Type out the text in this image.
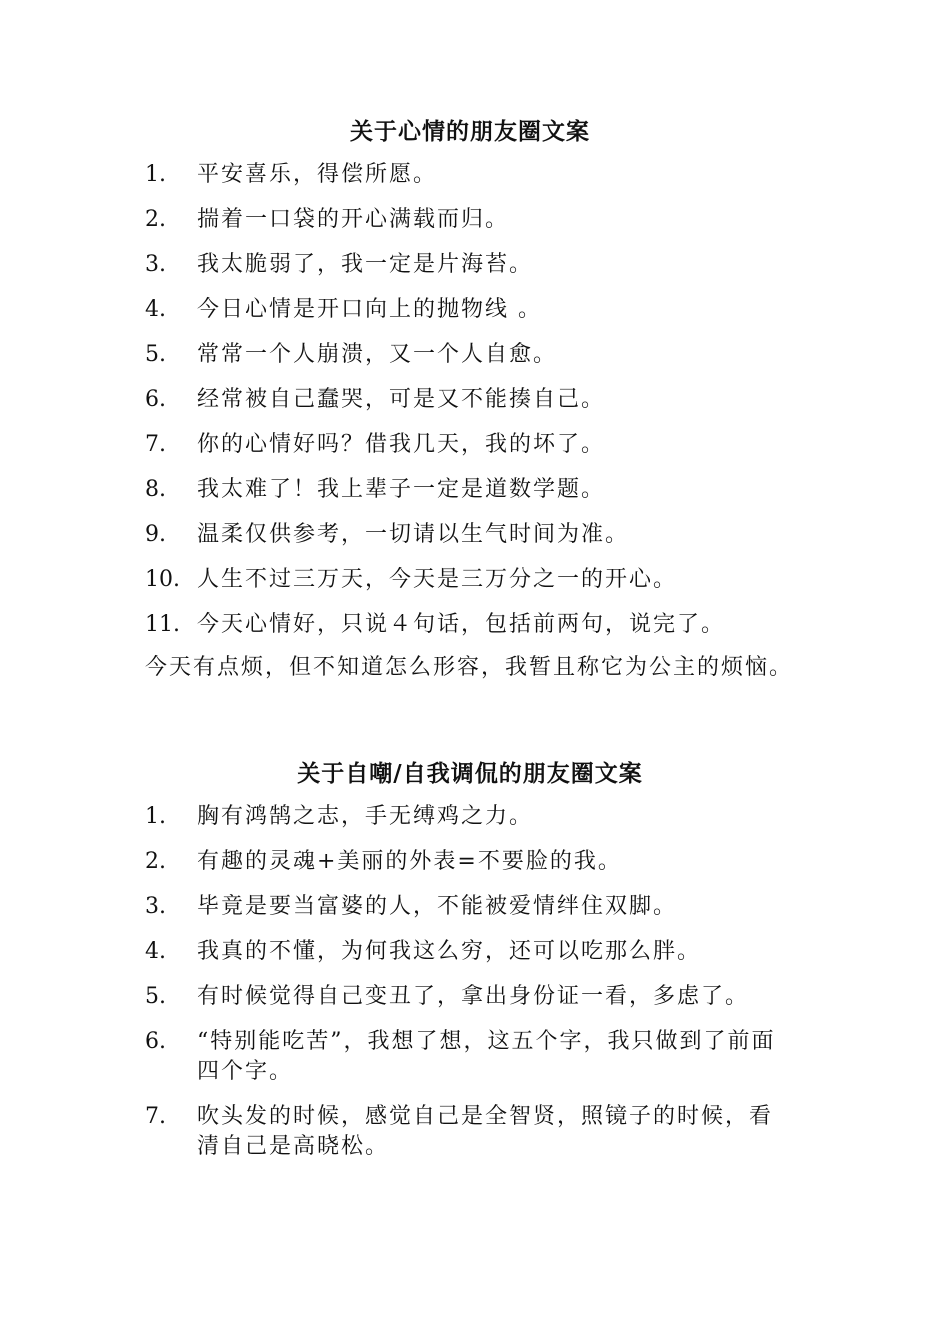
关于心情的朋友圈文案
1.	平安喜乐，得偿所愿。
2.	揣着一口袋的开心满载而归。
3.	我太脆弱了，我一定是片海苔。
4.	今日心情是开口向上的抛物线 。
5.	常常一个人崩溃，又一个人自愈。
6.	经常被自己蠢哭，可是又不能揍自己。
7.	你的心情好吗？借我几天，我的坏了。
8.	我太难了！我上辈子一定是道数学题。
9.	温柔仅供参考，一切请以生气时间为准。
10. 人生不过三万天，今天是三万分之一的开心。
11. 今天心情好，只说４句话，包括前两句，说完了。

今天有点烦，但不知道怎么形容，我暂且称它为公主的烦恼。

关于自嘲/自我调侃的朋友圈文案
1.	胸有鸿鹄之志，手无缚鸡之力。
2.	有趣的灵魂+美丽的外表=不要脸的我。
3.	毕竟是要当富婆的人，不能被爱情绊住双脚。
4.	我真的不懂，为何我这么穷，还可以吃那么胖。
5.	有时候觉得自己变丑了，拿出身份证一看，多虑了。
6.	“特别能吃苦”，我想了想，这五个字，我只做到了前面四个字。
7.	吹头发的时候，感觉自己是全智贤，照镜子的时候，看清自己是高晓松。
